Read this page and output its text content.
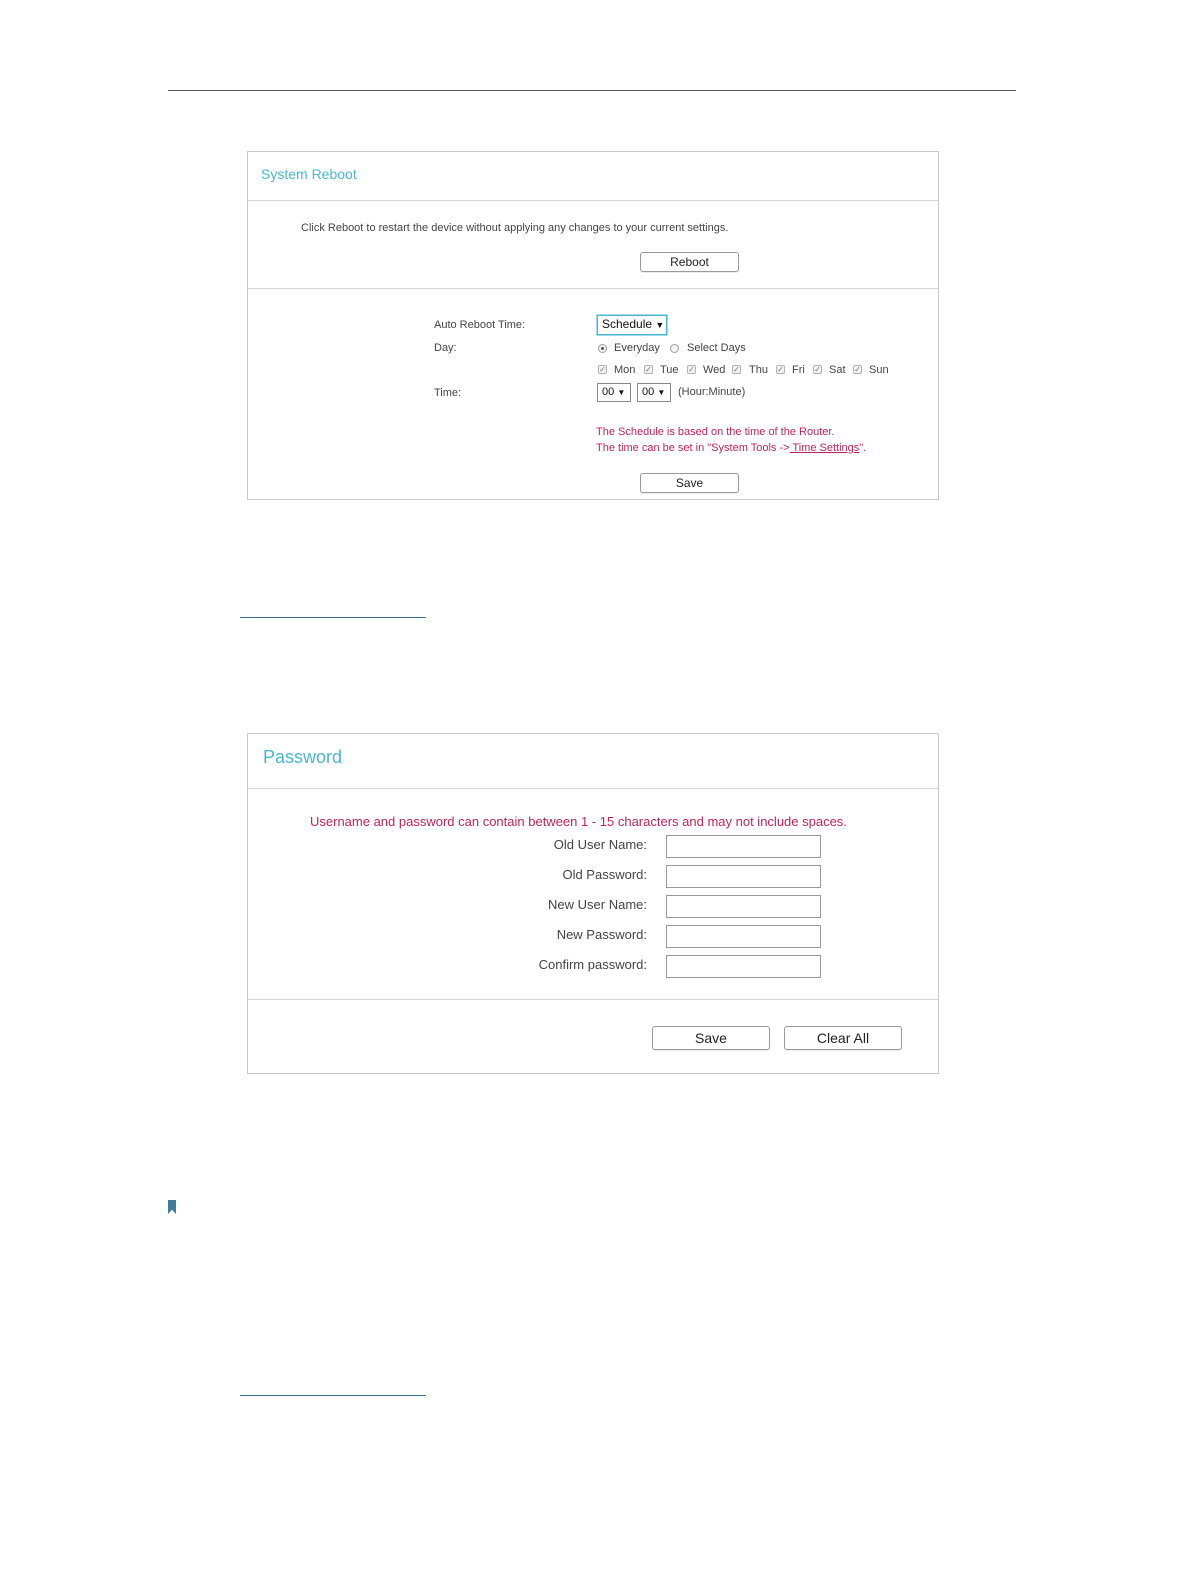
System Reboot
Click Reboot to restart the device without applying any changes to your current settings.
Reboot
Auto Reboot Time:	Schedule ▼
Day:	Everyday Select Days
✓ Mon ✓ Tue ✓ Wed ✓ Thu ✓ Fri ✓ Sat ✓ Sun
Time:	00 ▼	00 ▼	(Hour:Minute)
The Schedule is based on the time of the Router.
The time can be set in "System Tools -> Time Settings".
Save
Password
Username and password can contain between 1 - 15 characters and may not include spaces.
Old User Name:
Old Password:
New User Name:
New Password:
Confirm password:
Save	Clear All
